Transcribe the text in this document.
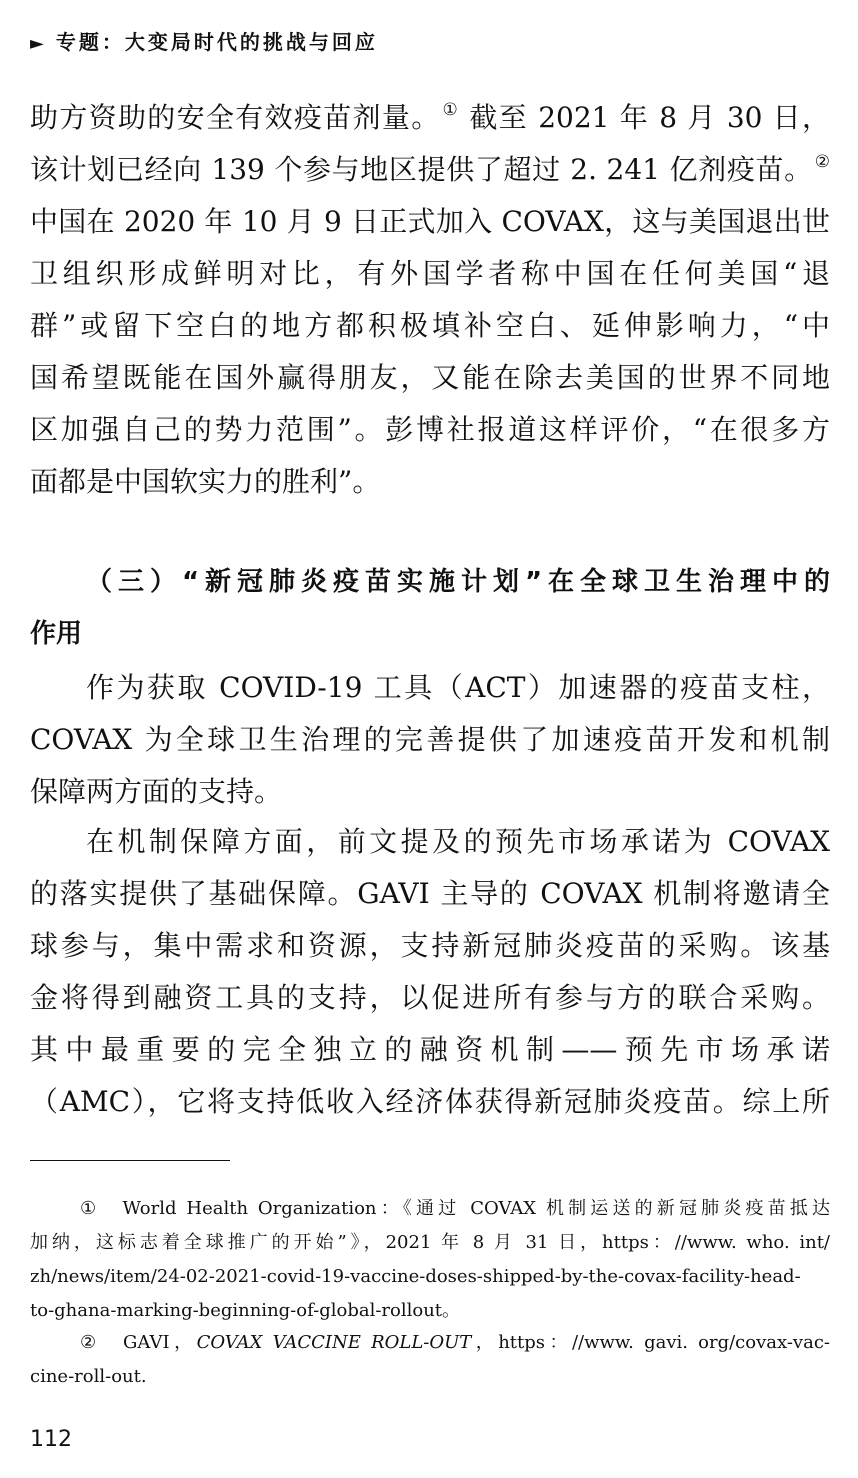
► 专题：大变局时代的挑战与回应
助方资助的安全有效疫苗剂量。 ① 截至 2021 年 8 月 30 日，
该计划已经向 139 个参与地区提供了超过 2. 241 亿剂疫苗。 ②
中国在 2020 年 10 月 9 日正式加入 COVAX，这与美国退出世
卫组织形成鲜明对比，有外国学者称中国在任何美国“退
群”或留下空白的地方都积极填补空白、延伸影响力，“中
国希望既能在国外赢得朋友，又能在除去美国的世界不同地
区加强自己的势力范围”。彭博社报道这样评价，“在很多方
面都是中国软实力的胜利”。
（三）“新冠肺炎疫苗实施计划”在全球卫生治理中的
作用
作为获取 COVID-19 工具（ACT）加速器的疫苗支柱，
COVAX 为全球卫生治理的完善提供了加速疫苗开发和机制
保障两方面的支持。
在机制保障方面，前文提及的预先市场承诺为 COVAX
的落实提供了基础保障。GAVI 主导的 COVAX 机制将邀请全
球参与，集中需求和资源，支持新冠肺炎疫苗的采购。该基
金将得到融资工具的支持，以促进所有参与方的联合采购。
其中最重要的完全独立的融资机制——预先市场承诺
（AMC），它将支持低收入经济体获得新冠肺炎疫苗。综上所
①　World Health Organization：《通过 COVAX 机制运送的新冠肺炎疫苗抵达
加纳，这标志着全球推广的开始”》，2021 年 8 月 31 日，https：//www. who. int/
zh/news/item/24-02-2021-covid-19-vaccine-doses-shipped-by-the-covax-facility-head-
to-ghana-marking-beginning-of-global-rollout。
②　GAVI，COVAX VACCINE ROLL-OUT，https：//www. gavi. org/covax-vac-
cine-roll-out.
112
